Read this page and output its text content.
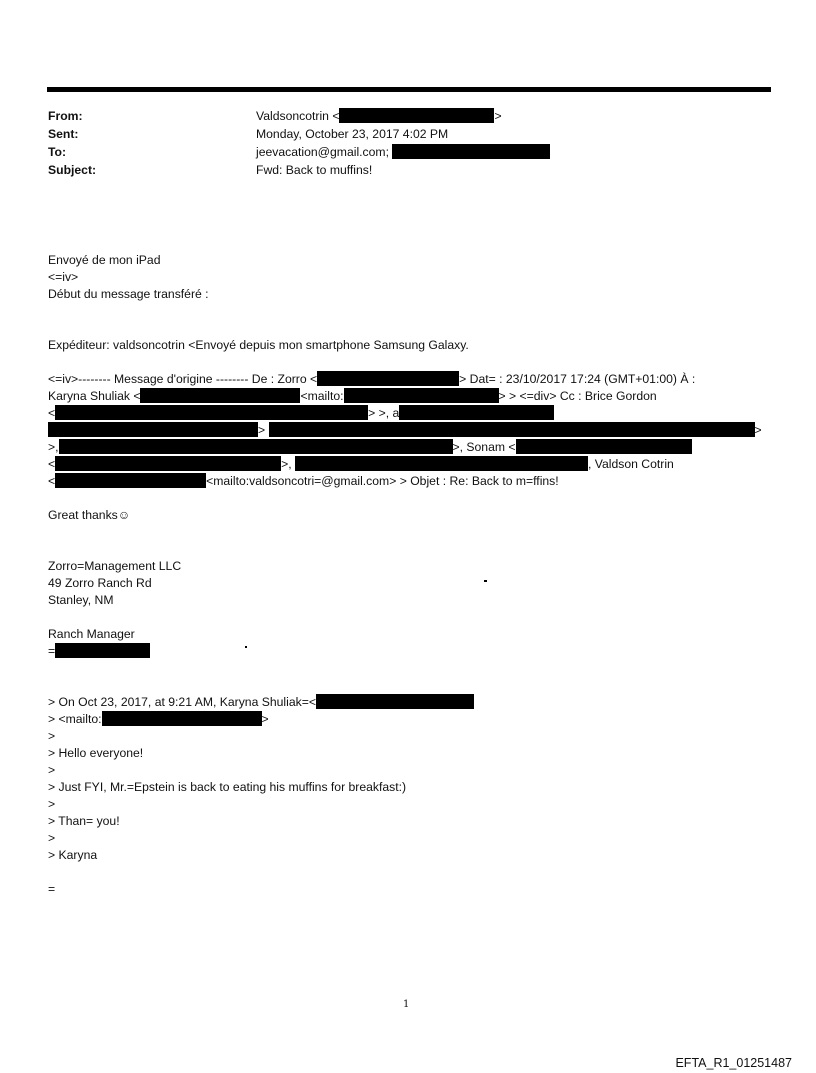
From:	Valdsoncotrin <	>
Sent:	Monday, October 23, 2017 4:02 PM
To:	jeevacation@gmail.com;
Subject:	Fwd: Back to muffins!
Envoyé de mon iPad
<=iv>
Début du message transféré :
Expéditeur: valdsoncotrin <Envoyé depuis mon smartphone Samsung Galaxy.
<=iv>-------- Message d'origine -------- De : Zorro <	> Dat= : 23/10/2017 17:24 (GMT+01:00) À :
Karyna Shuliak <	<mailto:	> > <=div> Cc : Brice Gordon
<	> >, a
>	>
>,	>, Sonam <
<	>,	, Valdson Cotrin
<	<mailto:valdsoncotri=@gmail.com> > Objet : Re: Back to m=ffins!
Great thanks☺
Zorro=Management LLC
49 Zorro Ranch Rd
Stanley, NM
Ranch Manager
=
> On Oct 23, 2017, at 9:21 AM, Karyna Shuliak=<
> <mailto:	>
>
> Hello everyone!
>
> Just FYI, Mr.=Epstein is back to eating his muffins for breakfast:)
>
> Than= you!
>
> Karyna
=
1
EFTA_R1_01251487
